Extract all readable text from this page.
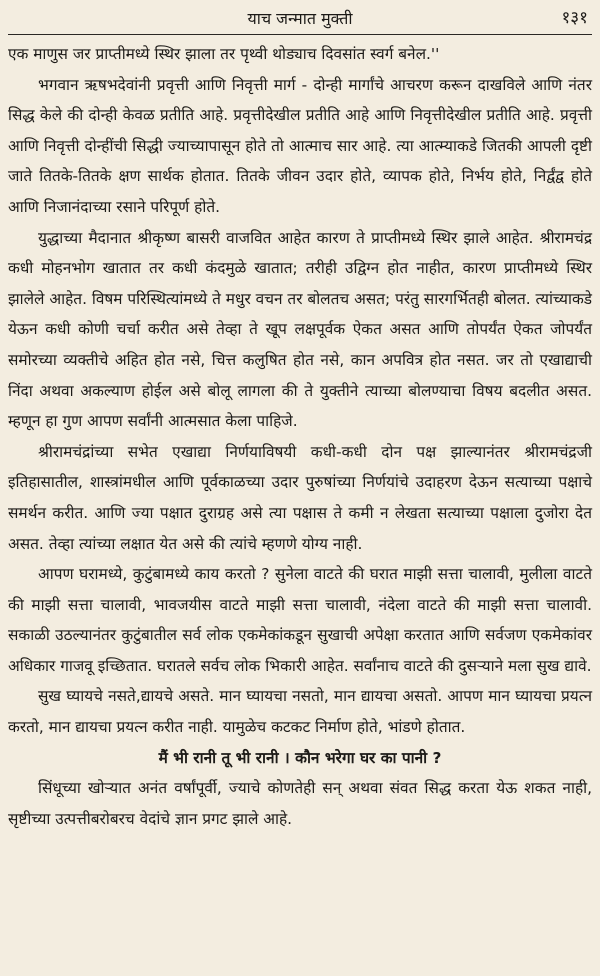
याच जन्मात मुक्ती	१३१

एक माणुस जर प्राप्तीमध्ये स्थिर झाला तर पृथ्वी थोड्याच दिवसांत स्वर्ग बनेल.''

भगवान ऋषभदेवांनी प्रवृत्ती आणि निवृत्ती मार्ग - दोन्ही मार्गांचे आचरण करून दाखविले आणि नंतर सिद्ध केले की दोन्ही केवळ प्रतीति आहे. प्रवृत्तीदेखील प्रतीति आहे आणि निवृत्तीदेखील प्रतीति आहे. प्रवृत्ती आणि निवृत्ती दोन्हींची सिद्धी ज्याच्यापासून होते तो आत्माच सार आहे. त्या आत्म्याकडे जितकी आपली दृष्टी जाते तितके-तितके क्षण सार्थक होतात. तितके जीवन उदार होते, व्यापक होते, निर्भय होते, निर्द्वंद्व होते आणि निजानंदाच्या रसाने परिपूर्ण होते.

युद्धाच्या मैदानात श्रीकृष्ण बासरी वाजवित आहेत कारण ते प्राप्तीमध्ये स्थिर झाले आहेत. श्रीरामचंद्र कधी मोहनभोग खातात तर कधी कंदमुळे खातात; तरीही उद्विग्न होत नाहीत, कारण प्राप्तीमध्ये स्थिर झालेले आहेत. विषम परिस्थित्यांमध्ये ते मधुर वचन तर बोलतच असत; परंतु सारगर्भितही बोलत. त्यांच्याकडे येऊन कधी कोणी चर्चा करीत असे तेव्हा ते खूप लक्षपूर्वक ऐकत असत आणि तोपर्यंत ऐकत जोपर्यंत समोरच्या व्यक्तीचे अहित होत नसे, चित्त कलुषित होत नसे, कान अपवित्र होत नसत. जर तो एखाद्याची निंदा अथवा अकल्याण होईल असे बोलू लागला की ते युक्तीने त्याच्या बोलण्याचा विषय बदलीत असत. म्हणून हा गुण आपण सर्वांनी आत्मसात केला पाहिजे.

श्रीरामचंद्रांच्या सभेत एखाद्या निर्णयाविषयी कधी-कधी दोन पक्ष झाल्यानंतर श्रीरामचंद्रजी इतिहासातील, शास्त्रांमधील आणि पूर्वकाळच्या उदार पुरुषांच्या निर्णयांचे उदाहरण देऊन सत्याच्या पक्षाचे समर्थन करीत. आणि ज्या पक्षात दुराग्रह असे त्या पक्षास ते कमी न लेखता सत्याच्या पक्षाला दुजोरा देत असत. तेव्हा त्यांच्या लक्षात येत असे की त्यांचे म्हणणे योग्य नाही.

आपण घरामध्ये, कुटुंबामध्ये काय करतो ? सुनेला वाटते की घरात माझी सत्ता चालावी, मुलीला वाटते की माझी सत्ता चालावी, भावजयीस वाटते माझी सत्ता चालावी, नंदेला वाटते की माझी सत्ता चालावी. सकाळी उठल्यानंतर कुटुंबातील सर्व लोक एकमेकांकडून सुखाची अपेक्षा करतात आणि सर्वजण एकमेकांवर अधिकार गाजवू इच्छितात. घरातले सर्वच लोक भिकारी आहेत. सर्वांनाच वाटते की दुसऱ्याने मला सुख द्यावे.

सुख घ्यायचे नसते,द्यायचे असते. मान घ्यायचा नसतो, मान द्यायचा असतो. आपण मान घ्यायचा प्रयत्न करतो, मान द्यायचा प्रयत्न करीत नाही. यामुळेच कटकट निर्माण होते, भांडणे होतात.

मैं भी रानी तू भी रानी । कौन भरेगा घर का पानी ?

सिंधूच्या खोऱ्यात अनंत वर्षांपूर्वी, ज्याचे कोणतेही सन् अथवा संवत सिद्ध करता येऊ शकत नाही, सृष्टीच्या उत्पत्तीबरोबरच वेदांचे ज्ञान प्रगट झाले आहे.
